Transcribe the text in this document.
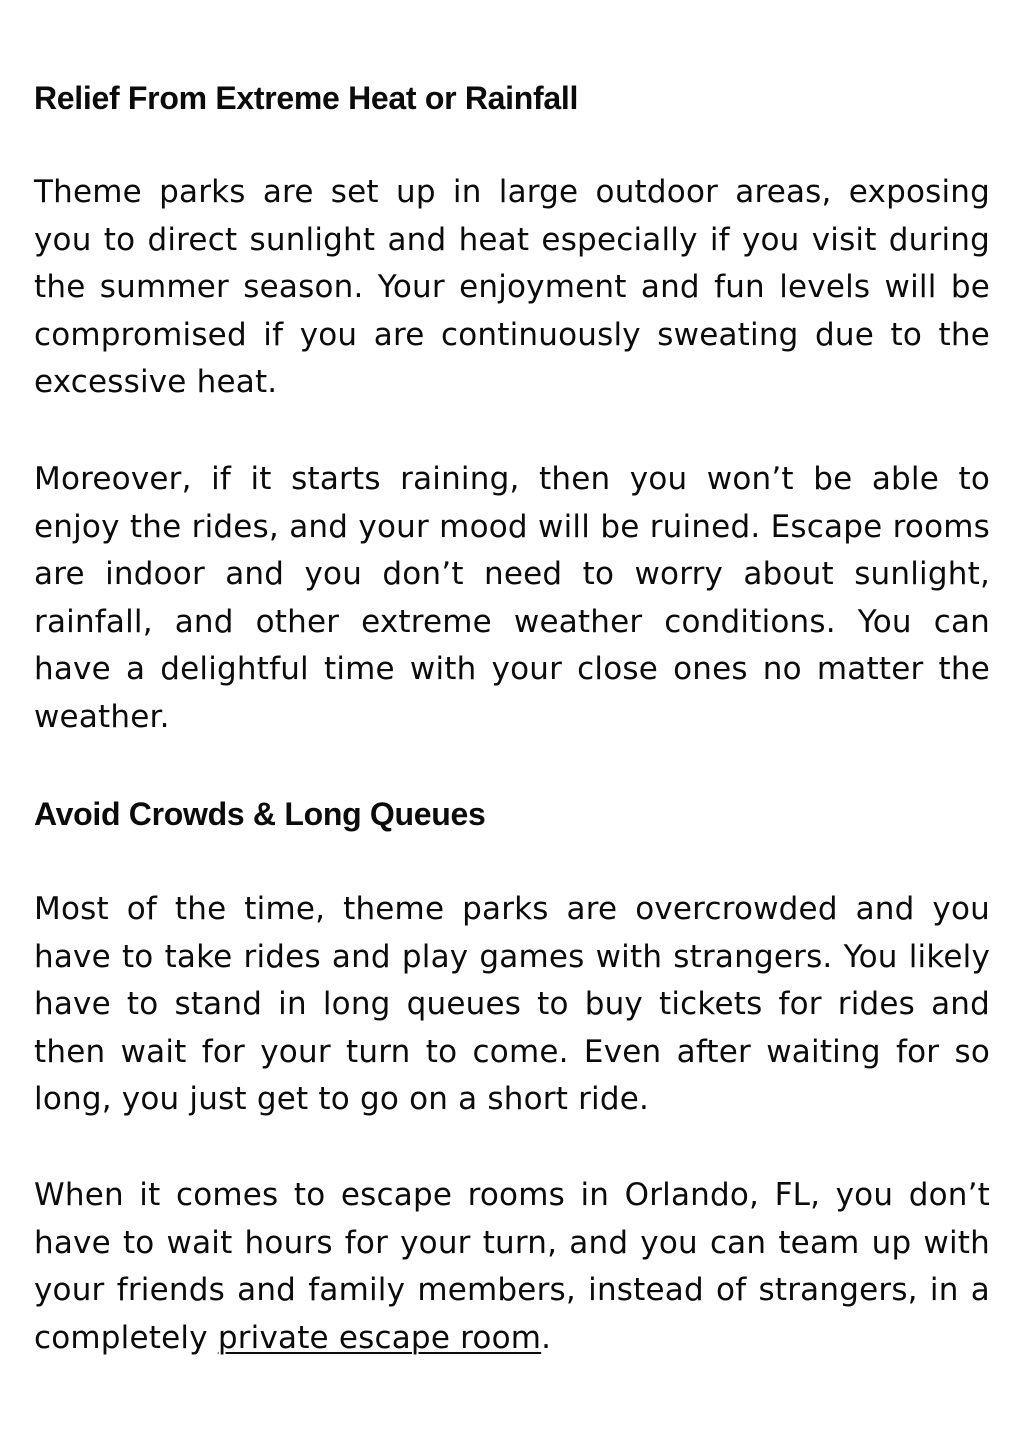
Relief From Extreme Heat or Rainfall

Theme parks are set up in large outdoor areas, exposing you to direct sunlight and heat especially if you visit during the summer season. Your enjoyment and fun levels will be compromised if you are continuously sweating due to the excessive heat.

Moreover, if it starts raining, then you won’t be able to enjoy the rides, and your mood will be ruined. Escape rooms are indoor and you don’t need to worry about sunlight, rainfall, and other extreme weather conditions. You can have a delightful time with your close ones no matter the weather.

Avoid Crowds & Long Queues

Most of the time, theme parks are overcrowded and you have to take rides and play games with strangers. You likely have to stand in long queues to buy tickets for rides and then wait for your turn to come. Even after waiting for so long, you just get to go on a short ride.

When it comes to escape rooms in Orlando, FL, you don’t have to wait hours for your turn, and you can team up with your friends and family members, instead of strangers, in a completely private escape room.
